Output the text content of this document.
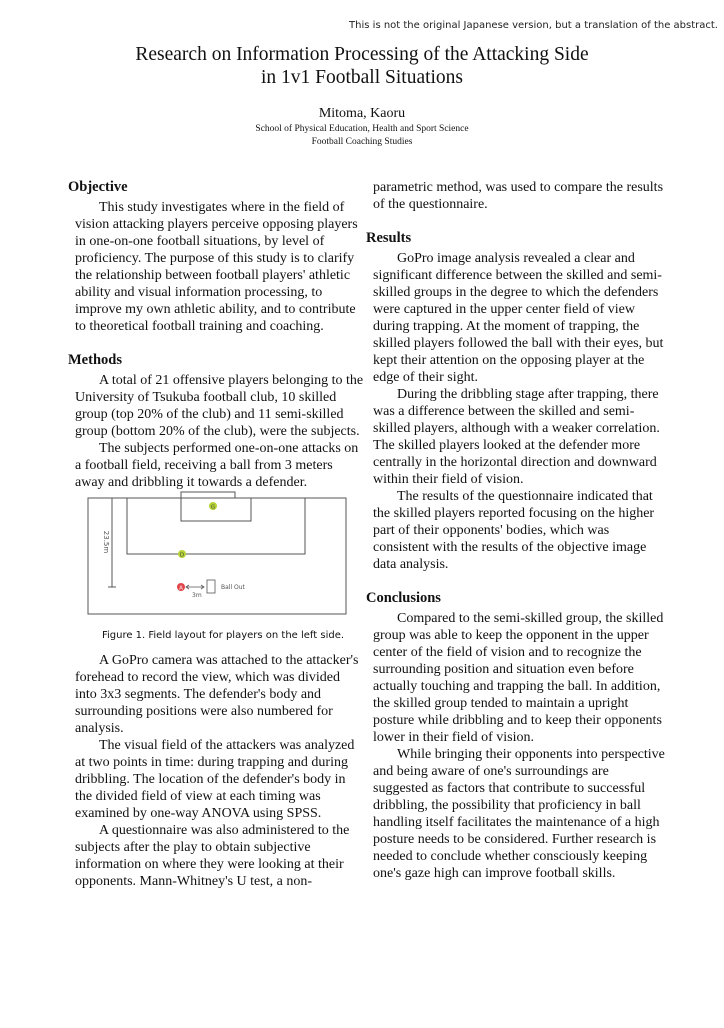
This is not the original Japanese version, but a translation of the abstract.
Research on Information Processing of the Attacking Side
in 1v1 Football Situations
Mitoma, Kaoru
School of Physical Education, Health and Sport Science
Football Coaching Studies
Objective

This study investigates where in the field of vision attacking players perceive opposing players in one-on-one football situations, by level of proficiency. The purpose of this study is to clarify the relationship between football players' athletic ability and visual information processing, to improve my own athletic ability, and to contribute to theoretical football training and coaching.

Methods

A total of 21 offensive players belonging to the University of Tsukuba football club, 10 skilled group (top 20% of the club) and 11 semi-skilled group (bottom 20% of the club), were the subjects.

The subjects performed one-on-one attacks on a football field, receiving a ball from 3 meters away and dribbling it towards a defender.

23.5m
G
D
A
3m
Ball Out
Figure 1. Field layout for players on the left side.

A GoPro camera was attached to the attacker's forehead to record the view, which was divided into 3x3 segments. The defender's body and surrounding positions were also numbered for analysis.

The visual field of the attackers was analyzed at two points in time: during trapping and during dribbling. The location of the defender's body in the divided field of view at each timing was examined by one-way ANOVA using SPSS.

A questionnaire was also administered to the subjects after the play to obtain subjective information on where they were looking at their opponents. Mann-Whitney's U test, a non-

parametric method, was used to compare the results of the questionnaire.

Results

GoPro image analysis revealed a clear and significant difference between the skilled and semi-skilled groups in the degree to which the defenders were captured in the upper center field of view during trapping. At the moment of trapping, the skilled players followed the ball with their eyes, but kept their attention on the opposing player at the edge of their sight.

During the dribbling stage after trapping, there was a difference between the skilled and semi-skilled players, although with a weaker correlation. The skilled players looked at the defender more centrally in the horizontal direction and downward within their field of vision.

The results of the questionnaire indicated that the skilled players reported focusing on the higher part of their opponents' bodies, which was consistent with the results of the objective image data analysis.

Conclusions

Compared to the semi-skilled group, the skilled group was able to keep the opponent in the upper center of the field of vision and to recognize the surrounding position and situation even before actually touching and trapping the ball. In addition, the skilled group tended to maintain a upright posture while dribbling and to keep their opponents lower in their field of vision.

While bringing their opponents into perspective and being aware of one's surroundings are suggested as factors that contribute to successful dribbling, the possibility that proficiency in ball handling itself facilitates the maintenance of a high posture needs to be considered. Further research is needed to conclude whether consciously keeping one's gaze high can improve football skills.
